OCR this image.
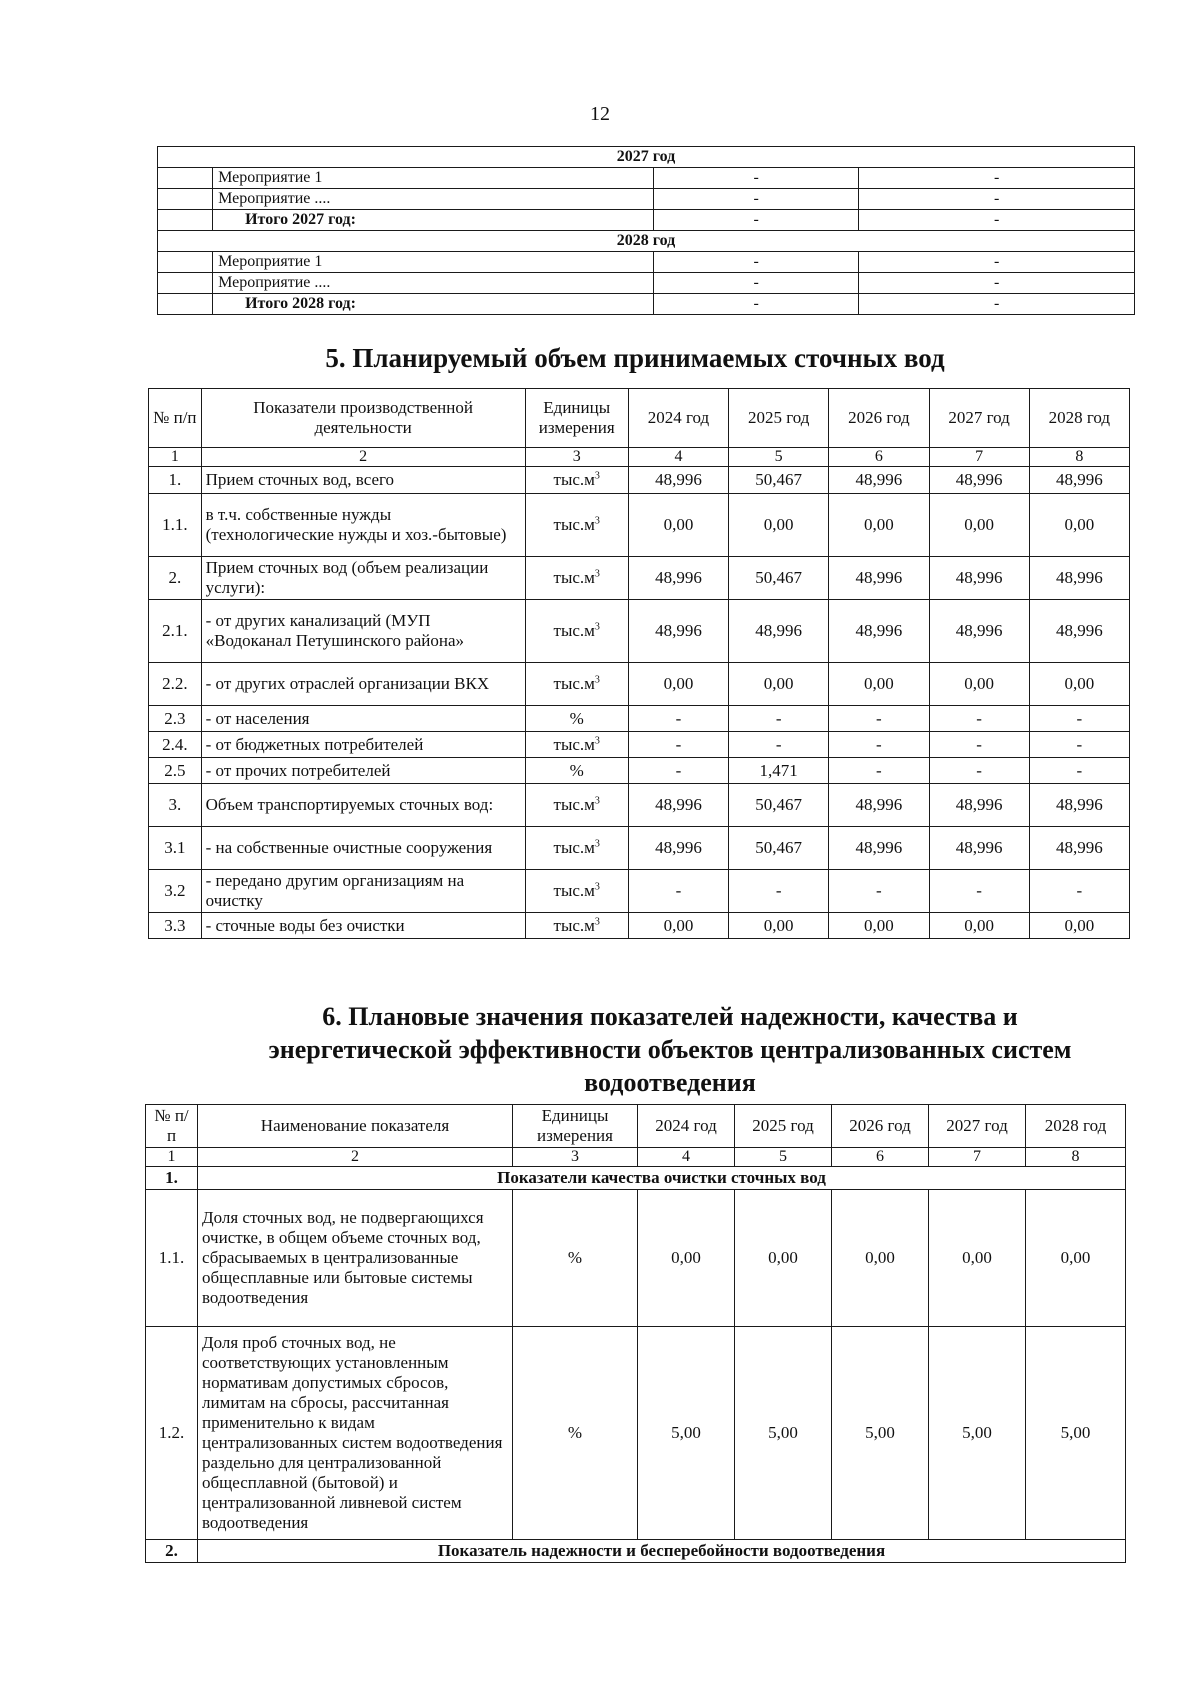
12
2027 год			
	Мероприятие 1	-	-
	Мероприятие ....	-	-
	Итого 2027 год:	-	-
2028 год			
	Мероприятие 1	-	-
	Мероприятие ....	-	-
	Итого 2028 год:	-	-
5. Планируемый объем принимаемых сточных вод
№ п/п	Показатели производственной деятельности	Единицы измерения	2024 год	2025 год	2026 год	2027 год	2028 год
1	2	3	4	5	6	7	8
1.	Прием сточных вод, всего	$тыс.м^3$	48,996	50,467	48,996	48,996	48,996
1.1.	в т.ч. собственные нужды (технологические нужды и хоз.-бытовые)	$тыс.м^3$	0,00	0,00	0,00	0,00	0,00
2.	Прием сточных вод (объем реализации услуги):	$тыс.м^3$	48,996	50,467	48,996	48,996	48,996
2.1.	- от других канализаций (МУП «Водоканал Петушинского района»	$тыс.м^3$	48,996	48,996	48,996	48,996	48,996
2.2.	- от других отраслей организации ВКХ	$тыс.м^3$	0,00	0,00	0,00	0,00	0,00
2.3	- от населения	%	-	-	-	-	-
2.4.	- от бюджетных потребителей	$тыс.м^3$	-	-	-	-	-
2.5	- от прочих потребителей	%	-	1,471	-	-	-
3.	Объем транспортируемых сточных вод:	$тыс.м^3$	48,996	50,467	48,996	48,996	48,996
3.1	- на собственные очистные сооружения	$тыс.м^3$	48,996	50,467	48,996	48,996	48,996
3.2	- передано другим организациям на очистку	$тыс.м^3$	-	-	-	-	-
3.3	- сточные воды без очистки	$тыс.м^3$	0,00	0,00	0,00	0,00	0,00
6. Плановые значения показателей надежности, качества и энергетической эффективности объектов централизованных систем водоотведения
№ п/п	Наименование показателя	Единицы измерения	2024 год	2025 год	2026 год	2027 год	2028 год
1	2	3	4	5	6	7	8
1.	Показатели качества очистки сточных вод						
1.1.	Доля сточных вод, не подвергающихся очистке, в общем объеме сточных вод, сбрасываемых в централизованные общесплавные или бытовые системы водоотведения	%	0,00	0,00	0,00	0,00	0,00
1.2.	Доля проб сточных вод, не соответствующих установленным нормативам допустимых сбросов, лимитам на сбросы, рассчитанная применительно к видам централизованных систем водоотведения раздельно для централизованной общесплавной (бытовой) и централизованной ливневой систем водоотведения	%	5,00	5,00	5,00	5,00	5,00
2.	Показатель надежности и бесперебойности водоотведения						
